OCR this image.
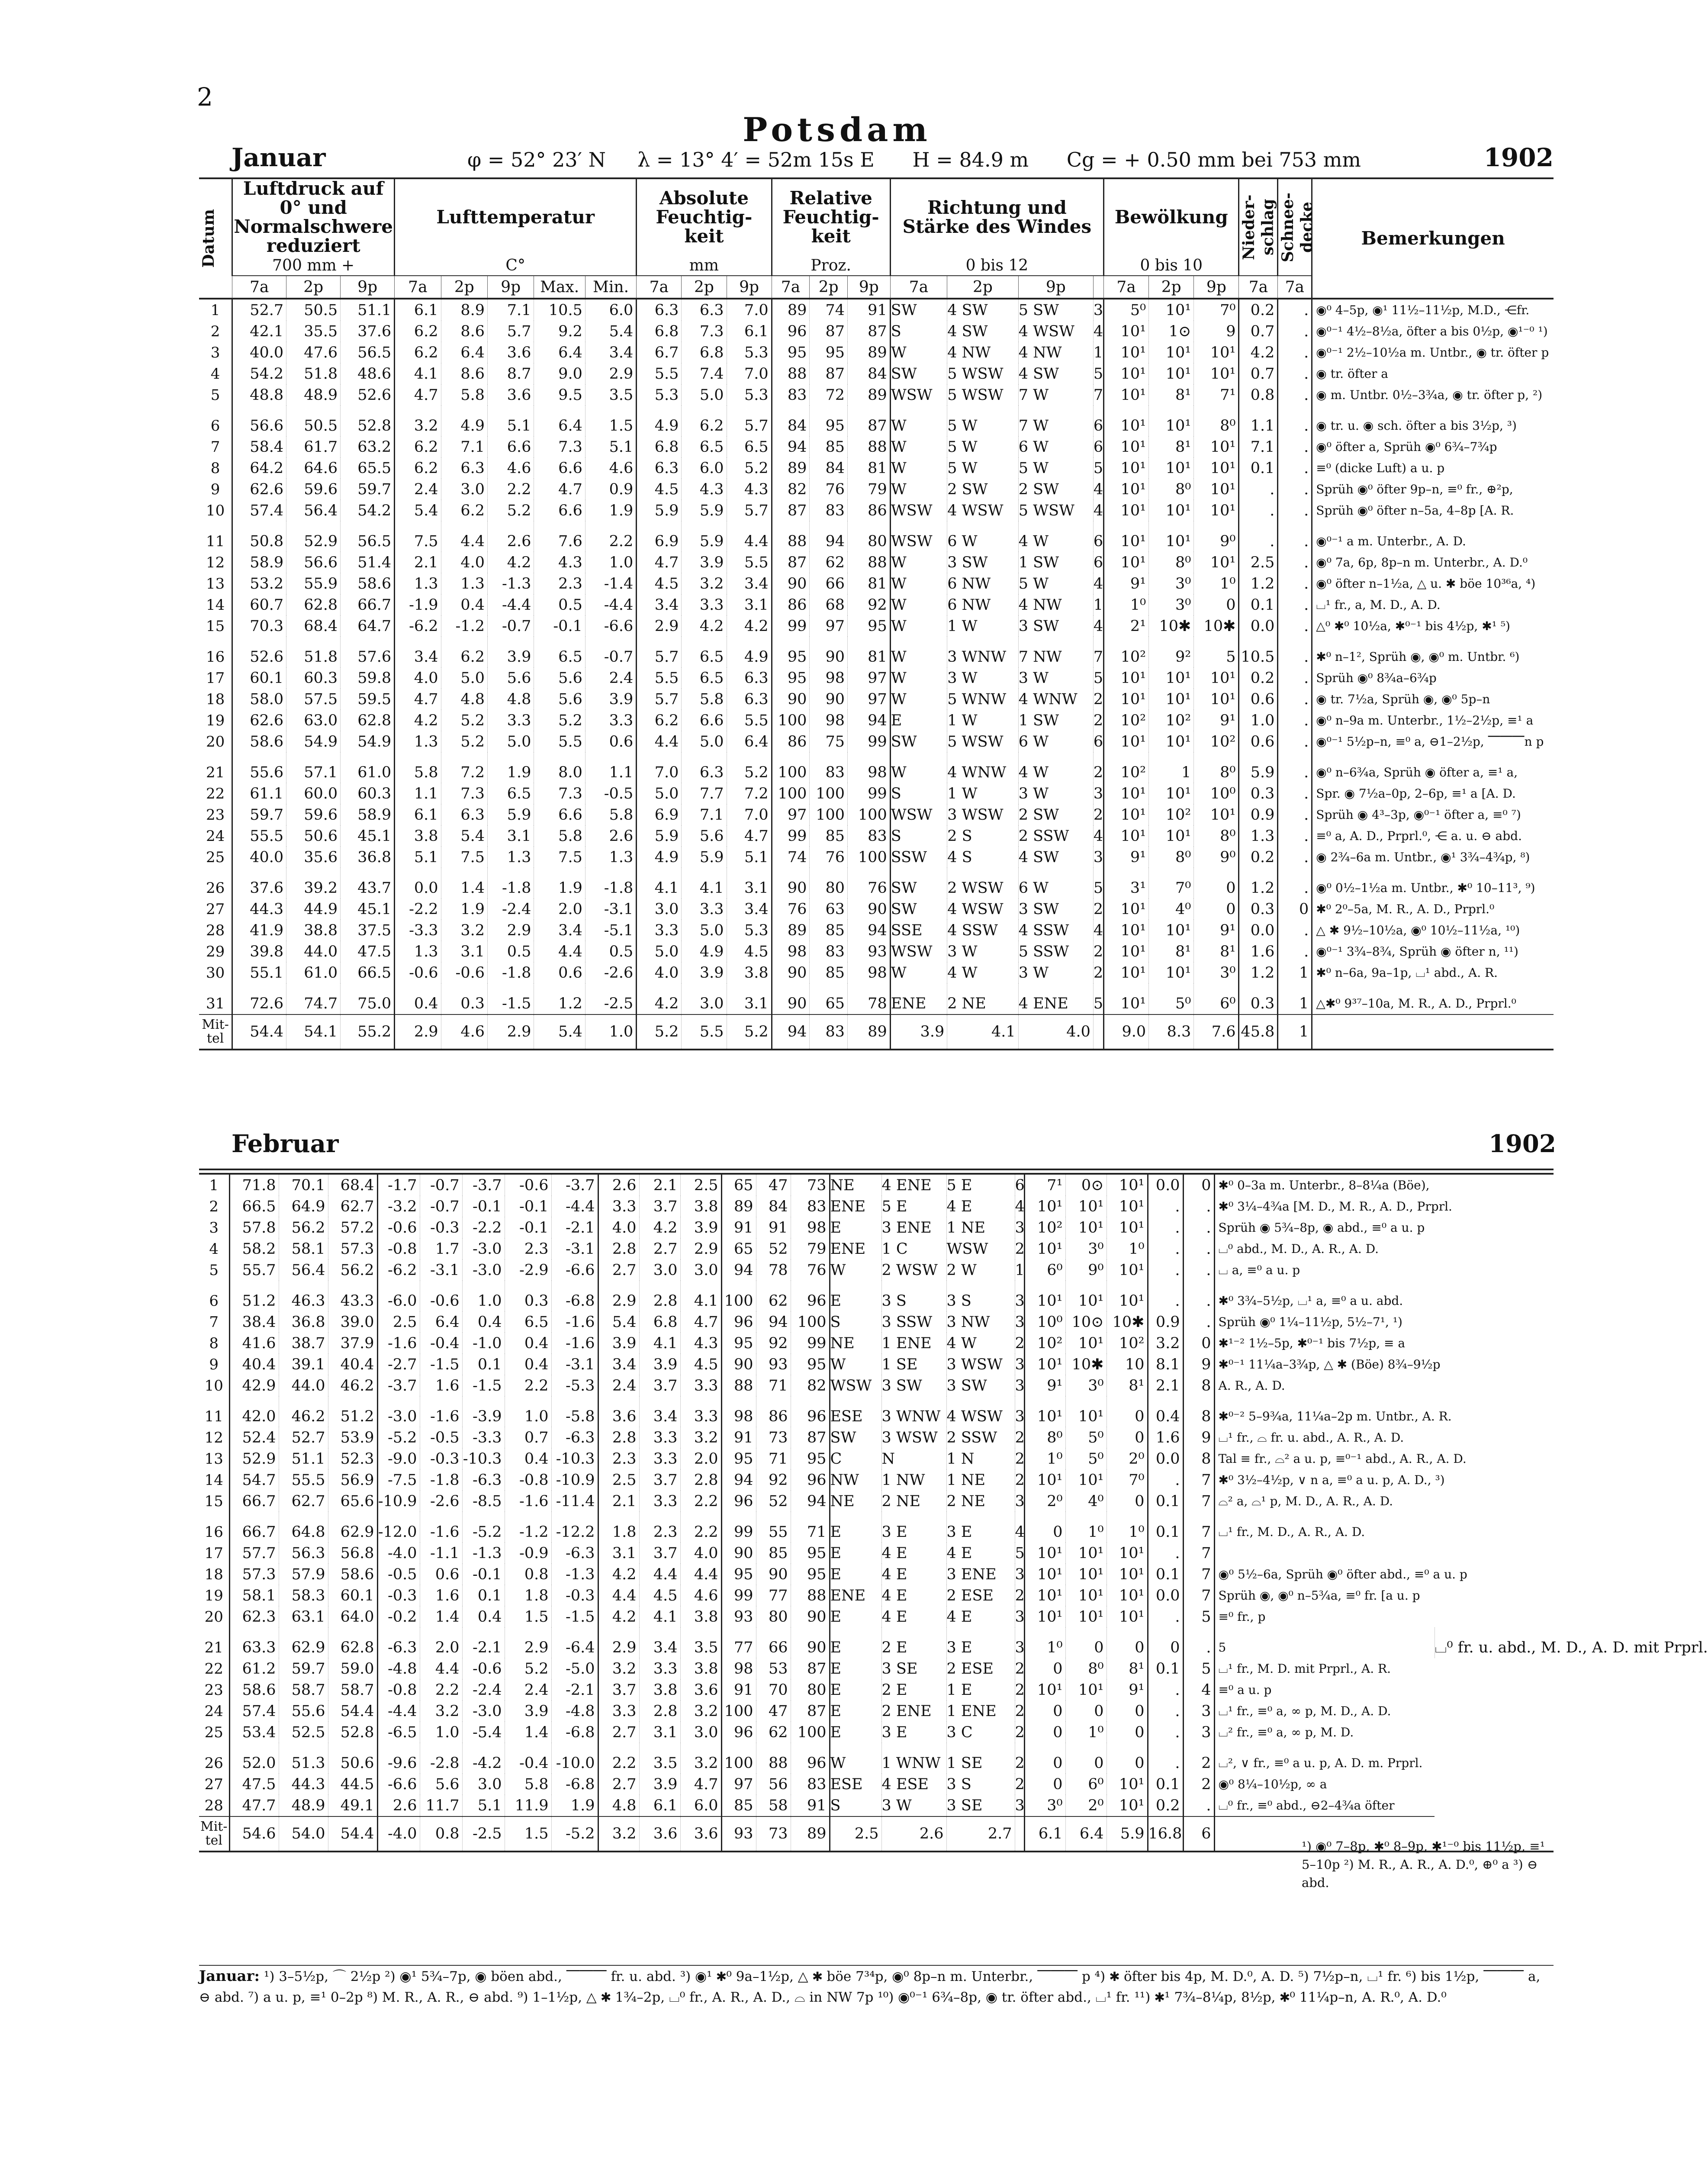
2
Potsdam
Januar	φ = 52° 23′ N     λ = 13° 4′ = 52m 15s E      H = 84.9 m      Cg = + 0.50 mm bei 753 mm	1902
Datum	Luftdruck auf 0° und Normalschwere reduziert			Lufttemperatur					Absolute Feuchtig- keit			Relative Feuchtig- keit			Richtung und Stärke des Windes				Bewölkung			Nieder- schlag	Schnee- decke	Bemerkungen
	700 mm +			C°					mm			Proz.			0 bis 12				0 bis 10					
	7a	2p	9p	7a	2p	9p	Max.	Min.	7a	2p	9p	7a	2p	9p	7a	2p	9p		7a	2p	9p	7a	7a	
1	52.7	50.5	51.1	6.1	8.9	7.1	10.5	6.0	6.3	6.3	7.0	89	74	91	SW	4 SW	5 SW	3	5⁰	10¹	7⁰	0.2	.	◉⁰ 4–5p, ◉¹ 11½–11½p, M.D., ⋲fr.
2	42.1	35.5	37.6	6.2	8.6	5.7	9.2	5.4	6.8	7.3	6.1	96	87	87	S	4 SW	4 WSW	4	10¹	1⊙	9	0.7	.	◉⁰⁻¹ 4½–8½a, öfter a bis 0½p, ◉¹⁻⁰ ¹)
3	40.0	47.6	56.5	6.2	6.4	3.6	6.4	3.4	6.7	6.8	5.3	95	95	89	W	4 NW	4 NW	1	10¹	10¹	10¹	4.2	.	◉⁰⁻¹ 2½–10½a m. Untbr., ◉ tr. öfter p
4	54.2	51.8	48.6	4.1	8.6	8.7	9.0	2.9	5.5	7.4	7.0	88	87	84	SW	5 WSW	4 SW	5	10¹	10¹	10¹	0.7	.	◉ tr. öfter a
5	48.8	48.9	52.6	4.7	5.8	3.6	9.5	3.5	5.3	5.0	5.3	83	72	89	WSW	5 WSW	7 W	7	10¹	8¹	7¹	0.8	.	◉ m. Untbr. 0½–3¾a, ◉ tr. öfter p, ²)
6	56.6	50.5	52.8	3.2	4.9	5.1	6.4	1.5	4.9	6.2	5.7	84	95	87	W	5 W	7 W	6	10¹	10¹	8⁰	1.1	.	◉ tr. u. ◉ sch. öfter a bis 3½p, ³)
7	58.4	61.7	63.2	6.2	7.1	6.6	7.3	5.1	6.8	6.5	6.5	94	85	88	W	5 W	6 W	6	10¹	8¹	10¹	7.1	.	◉⁰ öfter a, Sprüh ◉⁰ 6¾–7¾p
8	64.2	64.6	65.5	6.2	6.3	4.6	6.6	4.6	6.3	6.0	5.2	89	84	81	W	5 W	5 W	5	10¹	10¹	10¹	0.1	.	≡⁰ (dicke Luft) a u. p
9	62.6	59.6	59.7	2.4	3.0	2.2	4.7	0.9	4.5	4.3	4.3	82	76	79	W	2 SW	2 SW	4	10¹	8⁰	10¹	.	.	Sprüh ◉⁰ öfter 9p–n, ≡⁰ fr., ⊕²p,
10	57.4	56.4	54.2	5.4	6.2	5.2	6.6	1.9	5.9	5.9	5.7	87	83	86	WSW	4 WSW	5 WSW	4	10¹	10¹	10¹	.	.	Sprüh ◉⁰ öfter n–5a, 4–8p [A. R.
11	50.8	52.9	56.5	7.5	4.4	2.6	7.6	2.2	6.9	5.9	4.4	88	94	80	WSW	6 W	4 W	6	10¹	10¹	9⁰	.	.	◉⁰⁻¹ a m. Unterbr., A. D.
12	58.9	56.6	51.4	2.1	4.0	4.2	4.3	1.0	4.7	3.9	5.5	87	62	88	W	3 SW	1 SW	6	10¹	8⁰	10¹	2.5	.	◉⁰ 7a, 6p, 8p–n m. Unterbr., A. D.⁰
13	53.2	55.9	58.6	1.3	1.3	-1.3	2.3	-1.4	4.5	3.2	3.4	90	66	81	W	6 NW	5 W	4	9¹	3⁰	1⁰	1.2	.	◉⁰ öfter n–1½a, △ u. ✱ böe 10³⁶a, ⁴)
14	60.7	62.8	66.7	-1.9	0.4	-4.4	0.5	-4.4	3.4	3.3	3.1	86	68	92	W	6 NW	4 NW	1	1⁰	3⁰	0	0.1	.	⌴¹ fr., a, M. D., A. D.
15	70.3	68.4	64.7	-6.2	-1.2	-0.7	-0.1	-6.6	2.9	4.2	4.2	99	97	95	W	1 W	3 SW	4	2¹	10✱	10✱	0.0	.	△⁰ ✱⁰ 10½a, ✱⁰⁻¹ bis 4½p, ✱¹ ⁵)
16	52.6	51.8	57.6	3.4	6.2	3.9	6.5	-0.7	5.7	6.5	4.9	95	90	81	W	3 WNW	7 NW	7	10²	9²	5	10.5	.	✱⁰ n–1², Sprüh ◉, ◉⁰ m. Untbr. ⁶)
17	60.1	60.3	59.8	4.0	5.0	5.6	5.6	2.4	5.5	6.5	6.3	95	98	97	W	3 W	3 W	5	10¹	10¹	10¹	0.2	.	Sprüh ◉⁰ 8¾a–6¾p
18	58.0	57.5	59.5	4.7	4.8	4.8	5.6	3.9	5.7	5.8	6.3	90	90	97	W	5 WNW	4 WNW	2	10¹	10¹	10¹	0.6	.	◉ tr. 7½a, Sprüh ◉, ◉⁰ 5p–n
19	62.6	63.0	62.8	4.2	5.2	3.3	5.2	3.3	6.2	6.6	5.5	100	98	94	E	1 W	1 SW	2	10²	10²	9¹	1.0	.	◉⁰ n–9a m. Unterbr., 1½–2½p, ≡¹ a
20	58.6	54.9	54.9	1.3	5.2	5.0	5.5	0.6	4.4	5.0	6.4	86	75	99	SW	5 WSW	6 W	6	10¹	10¹	10²	0.6	.	◉⁰⁻¹ 5½p–n, ≡⁰ a, ⊖1–2½p, ⎺⎺⎺n p
21	55.6	57.1	61.0	5.8	7.2	1.9	8.0	1.1	7.0	6.3	5.2	100	83	98	W	4 WNW	4 W	2	10²	1	8⁰	5.9	.	◉⁰ n–6¾a, Sprüh ◉ öfter a, ≡¹ a,
22	61.1	60.0	60.3	1.1	7.3	6.5	7.3	-0.5	5.0	7.7	7.2	100	100	99	S	1 W	3 W	3	10¹	10¹	10⁰	0.3	.	Spr. ◉ 7½a–0p, 2–6p, ≡¹ a [A. D.
23	59.7	59.6	58.9	6.1	6.3	5.9	6.6	5.8	6.9	7.1	7.0	97	100	100	WSW	3 WSW	2 SW	2	10¹	10²	10¹	0.9	.	Sprüh ◉ 4³–3p, ◉⁰⁻¹ öfter a, ≡⁰ ⁷)
24	55.5	50.6	45.1	3.8	5.4	3.1	5.8	2.6	5.9	5.6	4.7	99	85	83	S	2 S	2 SSW	4	10¹	10¹	8⁰	1.3	.	≡⁰ a, A. D., Prprl.⁰, ⋲ a. u. ⊖ abd.
25	40.0	35.6	36.8	5.1	7.5	1.3	7.5	1.3	4.9	5.9	5.1	74	76	100	SSW	4 S	4 SW	3	9¹	8⁰	9⁰	0.2	.	◉ 2¾–6a m. Untbr., ◉¹ 3¾–4¾p, ⁸)
26	37.6	39.2	43.7	0.0	1.4	-1.8	1.9	-1.8	4.1	4.1	3.1	90	80	76	SW	2 WSW	6 W	5	3¹	7⁰	0	1.2	.	◉⁰ 0½–1½a m. Untbr., ✱⁰ 10–11³, ⁹)
27	44.3	44.9	45.1	-2.2	1.9	-2.4	2.0	-3.1	3.0	3.3	3.4	76	63	90	SW	4 WSW	3 SW	2	10¹	4⁰	0	0.3	0	✱⁰ 2⁰–5a, M. R., A. D., Prprl.⁰
28	41.9	38.8	37.5	-3.3	3.2	2.9	3.4	-5.1	3.3	5.0	5.3	89	85	94	SSE	4 SSW	4 SSW	4	10¹	10¹	9¹	0.0	.	△ ✱ 9½–10½a, ◉⁰ 10½–11½a, ¹⁰)
29	39.8	44.0	47.5	1.3	3.1	0.5	4.4	0.5	5.0	4.9	4.5	98	83	93	WSW	3 W	5 SSW	2	10¹	8¹	8¹	1.6	.	◉⁰⁻¹ 3¾–8¾, Sprüh ◉ öfter n, ¹¹)
30	55.1	61.0	66.5	-0.6	-0.6	-1.8	0.6	-2.6	4.0	3.9	3.8	90	85	98	W	4 W	3 W	2	10¹	10¹	3⁰	1.2	1	✱⁰ n–6a, 9a–1p, ⌴¹ abd., A. R.
31	72.6	74.7	75.0	0.4	0.3	-1.5	1.2	-2.5	4.2	3.0	3.1	90	65	78	ENE	2 NE	4 ENE	5	10¹	5⁰	6⁰	0.3	1	△✱⁰ 9³⁷–10a, M. R., A. D., Prprl.⁰
Mit- tel	54.4	54.1	55.2	2.9	4.6	2.9	5.4	1.0	5.2	5.5	5.2	94	83	89	3.9	4.1	4.0		9.0	8.3	7.6	45.8	1	
Februar	1902
1	71.8	70.1	68.4	-1.7	-0.7	-3.7	-0.6	-3.7	2.6	2.1	2.5	65	47	73	NE	4 ENE	5 E	6	7¹	0⊙	10¹	0.0	0	✱⁰ 0–3a m. Unterbr., 8–8¼a (Böe),	
2	66.5	64.9	62.7	-3.2	-0.7	-0.1	-0.1	-4.4	3.3	3.7	3.8	89	84	83	ENE	5 E	4 E	4	10¹	10¹	10¹	.	.	✱⁰ 3¼–4¾a [M. D., M. R., A. D., Prprl.	
3	57.8	56.2	57.2	-0.6	-0.3	-2.2	-0.1	-2.1	4.0	4.2	3.9	91	91	98	E	3 ENE	1 NE	3	10²	10¹	10¹	.	.	Sprüh ◉ 5¾–8p, ◉ abd., ≡⁰ a u. p	
4	58.2	58.1	57.3	-0.8	1.7	-3.0	2.3	-3.1	2.8	2.7	2.9	65	52	79	ENE	1 C	WSW	2	10¹	3⁰	1⁰	.	.	⌴⁰ abd., M. D., A. R., A. D.	
5	55.7	56.4	56.2	-6.2	-3.1	-3.0	-2.9	-6.6	2.7	3.0	3.0	94	78	76	W	2 WSW	2 W	1	6⁰	9⁰	10¹	.	.	⌴ a, ≡⁰ a u. p	
6	51.2	46.3	43.3	-6.0	-0.6	1.0	0.3	-6.8	2.9	2.8	4.1	100	62	96	E	3 S	3 S	3	10¹	10¹	10¹	.	.	✱⁰ 3¾–5½p, ⌴¹ a, ≡⁰ a u. abd.	
7	38.4	36.8	39.0	2.5	6.4	0.4	6.5	-1.6	5.4	6.8	4.7	96	94	100	S	3 SSW	3 NW	3	10⁰	10⊙	10✱	0.9	.	Sprüh ◉⁰ 1¼–11½p, 5½–7¹, ¹)	
8	41.6	38.7	37.9	-1.6	-0.4	-1.0	0.4	-1.6	3.9	4.1	4.3	95	92	99	NE	1 ENE	4 W	2	10²	10¹	10²	3.2	0	✱¹⁻² 1½–5p, ✱⁰⁻¹ bis 7½p, ≡ a	
9	40.4	39.1	40.4	-2.7	-1.5	0.1	0.4	-3.1	3.4	3.9	4.5	90	93	95	W	1 SE	3 WSW	3	10¹	10✱	10	8.1	9	✱⁰⁻¹ 11¼a–3¾p, △ ✱ (Böe) 8¾–9½p	
10	42.9	44.0	46.2	-3.7	1.6	-1.5	2.2	-5.3	2.4	3.7	3.3	88	71	82	WSW	3 SW	3 SW	3	9¹	3⁰	8¹	2.1	8	A. R., A. D.	
11	42.0	46.2	51.2	-3.0	-1.6	-3.9	1.0	-5.8	3.6	3.4	3.3	98	86	96	ESE	3 WNW	4 WSW	3	10¹	10¹	0	0.4	8	✱⁰⁻² 5–9¾a, 11¼a–2p m. Untbr., A. R.	
12	52.4	52.7	53.9	-5.2	-0.5	-3.3	0.7	-6.3	2.8	3.3	3.2	91	73	87	SW	3 WSW	2 SSW	2	8⁰	5⁰	0	1.6	9	⌴¹ fr., ⌓ fr. u. abd., A. R., A. D.	
13	52.9	51.1	52.3	-9.0	-0.3	-10.3	0.4	-10.3	2.3	3.3	2.0	95	71	95	C	N	1 N	2	1⁰	5⁰	2⁰	0.0	8	Tal ≡ fr., ⌓² a u. p, ≡⁰⁻¹ abd., A. R., A. D.	
14	54.7	55.5	56.9	-7.5	-1.8	-6.3	-0.8	-10.9	2.5	3.7	2.8	94	92	96	NW	1 NW	1 NE	2	10¹	10¹	7⁰	.	7	✱⁰ 3½–4½p, ∨ n a, ≡⁰ a u. p, A. D., ³)	
15	66.7	62.7	65.6	-10.9	-2.6	-8.5	-1.6	-11.4	2.1	3.3	2.2	96	52	94	NE	2 NE	2 NE	3	2⁰	4⁰	0	0.1	7	⌓² a, ⌓¹ p, M. D., A. R., A. D.	
16	66.7	64.8	62.9	-12.0	-1.6	-5.2	-1.2	-12.2	1.8	2.3	2.2	99	55	71	E	3 E	3 E	4	0	1⁰	1⁰	0.1	7	⌴¹ fr., M. D., A. R., A. D.	
17	57.7	56.3	56.8	-4.0	-1.1	-1.3	-0.9	-6.3	3.1	3.7	4.0	90	85	95	E	4 E	4 E	5	10¹	10¹	10¹	.	7		
18	57.3	57.9	58.6	-0.5	0.6	-0.1	0.8	-1.3	4.2	4.4	4.4	95	90	95	E	4 E	3 ENE	3	10¹	10¹	10¹	0.1	7	◉⁰ 5½–6a, Sprüh ◉⁰ öfter abd., ≡⁰ a u. p	
19	58.1	58.3	60.1	-0.3	1.6	0.1	1.8	-0.3	4.4	4.5	4.6	99	77	88	ENE	4 E	2 ESE	2	10¹	10¹	10¹	0.0	7	Sprüh ◉, ◉⁰ n–5¾a, ≡⁰ fr. [a u. p	
20	62.3	63.1	64.0	-0.2	1.4	0.4	1.5	-1.5	4.2	4.1	3.8	93	80	90	E	4 E	4 E	3	10¹	10¹	10¹	.	5	≡⁰ fr., p	
21	63.3	62.9	62.8	-6.3	2.0	-2.1	2.9	-6.4	2.9	3.4	3.5	77	66	90	E	2 E	3 E	3	1⁰	0	0	0	.	5	⌴⁰ fr. u. abd., M. D., A. D. mit Prprl.
22	61.2	59.7	59.0	-4.8	4.4	-0.6	5.2	-5.0	3.2	3.3	3.8	98	53	87	E	3 SE	2 ESE	2	0	8⁰	8¹	0.1	5	⌴¹ fr., M. D. mit Prprl., A. R.	
23	58.6	58.7	58.7	-0.8	2.2	-2.4	2.4	-2.1	3.7	3.8	3.6	91	70	80	E	2 E	1 E	2	10¹	10¹	9¹	.	4	≡⁰ a u. p	
24	57.4	55.6	54.4	-4.4	3.2	-3.0	3.9	-4.8	3.3	2.8	3.2	100	47	87	E	2 ENE	1 ENE	2	0	0	0	.	3	⌴¹ fr., ≡⁰ a, ∞ p, M. D., A. D.	
25	53.4	52.5	52.8	-6.5	1.0	-5.4	1.4	-6.8	2.7	3.1	3.0	96	62	100	E	3 E	3 C	2	0	1⁰	0	.	3	⌴² fr., ≡⁰ a, ∞ p, M. D.	
26	52.0	51.3	50.6	-9.6	-2.8	-4.2	-0.4	-10.0	2.2	3.5	3.2	100	88	96	W	1 WNW	1 SE	2	0	0	0	.	2	⌴², ∨ fr., ≡⁰ a u. p, A. D. m. Prprl.	
27	47.5	44.3	44.5	-6.6	5.6	3.0	5.8	-6.8	2.7	3.9	4.7	97	56	83	ESE	4 ESE	3 S	2	0	6⁰	10¹	0.1	2	◉⁰ 8¼–10½p, ∞ a	
28	47.7	48.9	49.1	2.6	11.7	5.1	11.9	1.9	4.8	6.1	6.0	85	58	91	S	3 W	3 SE	3	3⁰	2⁰	10¹	0.2	.	⌴⁰ fr., ≡⁰ abd., ⊖2–4¾a öfter	
Mit- tel	54.6	54.0	54.4	-4.0	0.8	-2.5	1.5	-5.2	3.2	3.6	3.6	93	73	89	2.5	2.6	2.7		6.1	6.4	5.9	16.8	6		
¹) ◉⁰ 7–8p, ✱⁰ 8–9p, ✱¹⁻⁰ bis 11½p, ≡¹ 5–10p ²) M. R., A. R., A. D.⁰, ⊕⁰ a ³) ⊖ abd.
Januar: ¹) 3–5½p, ⌒ 2½p ²) ◉¹ 5¾–7p, ◉ böen abd., ⎺⎺⎺ fr. u. abd. ³) ◉¹ ✱⁰ 9a–1½p, △ ✱ böe 7³⁴p, ◉⁰ 8p–n m. Unterbr., ⎺⎺⎺ p ⁴) ✱ öfter bis 4p, M. D.⁰, A. D. ⁵) 7½p–n, ⌴¹ fr. ⁶) bis 1½p, ⎺⎺⎺ a, ⊖ abd. ⁷) a u. p, ≡¹ 0–2p ⁸) M. R., A. R., ⊖ abd. ⁹) 1–1½p, △ ✱ 1¾–2p, ⌴⁰ fr., A. R., A. D., ⌓ in NW 7p ¹⁰) ◉⁰⁻¹ 6¾–8p, ◉ tr. öfter abd., ⌴¹ fr. ¹¹) ✱¹ 7¾–8¼p, 8½p, ✱⁰ 11¼p–n, A. R.⁰, A. D.⁰
